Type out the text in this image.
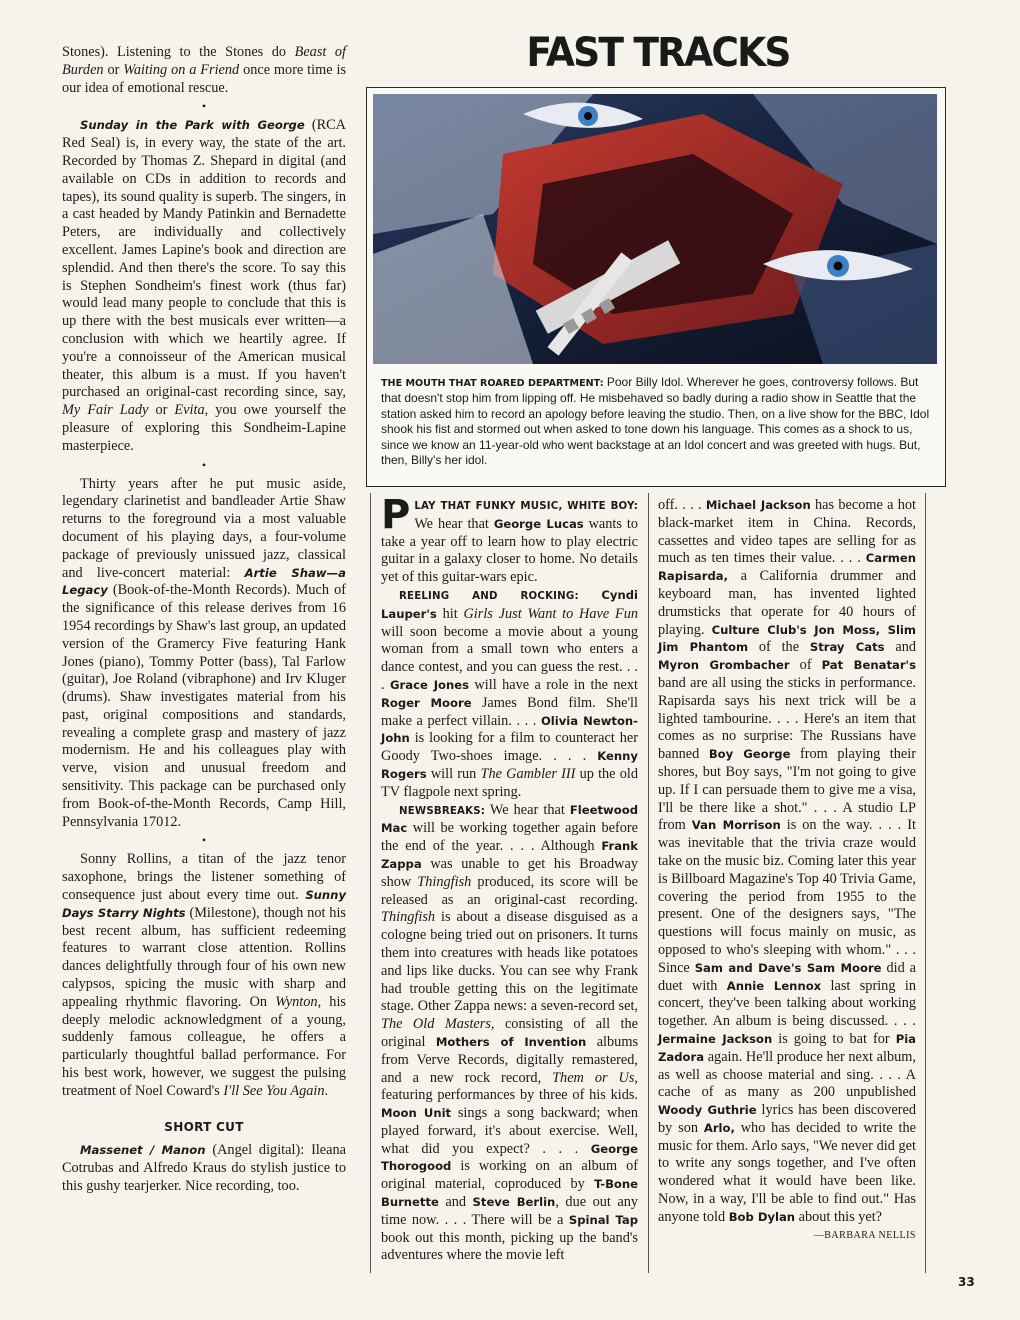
Stones). Listening to the Stones do Beast of Burden or Waiting on a Friend once more time is our idea of emotional rescue.

•

Sunday in the Park with George (RCA Red Seal) is, in every way, the state of the art. Recorded by Thomas Z. Shepard in digital (and available on CDs in addition to records and tapes), its sound quality is superb. The singers, in a cast headed by Mandy Patinkin and Bernadette Peters, are individually and collectively excellent. James Lapine's book and direction are splendid. And then there's the score. To say this is Stephen Sondheim's finest work (thus far) would lead many people to conclude that this is up there with the best musicals ever written—a conclusion with which we heartily agree. If you're a connoisseur of the American musical theater, this album is a must. If you haven't purchased an original-cast recording since, say, My Fair Lady or Evita, you owe yourself the pleasure of exploring this Sondheim-Lapine masterpiece.

•

Thirty years after he put music aside, legendary clarinetist and bandleader Artie Shaw returns to the foreground via a most valuable document of his playing days, a four-volume package of previously unissued jazz, classical and live-concert material: Artie Shaw—a Legacy (Book-of-the-Month Records). Much of the significance of this release derives from 16 1954 recordings by Shaw's last group, an updated version of the Gramercy Five featuring Hank Jones (piano), Tommy Potter (bass), Tal Farlow (guitar), Joe Roland (vibraphone) and Irv Kluger (drums). Shaw investigates material from his past, original compositions and standards, revealing a complete grasp and mastery of jazz modernism. He and his colleagues play with verve, vision and unusual freedom and sensitivity. This package can be purchased only from Book-of-the-Month Records, Camp Hill, Pennsylvania 17012.

•

Sonny Rollins, a titan of the jazz tenor saxophone, brings the listener something of consequence just about every time out. Sunny Days Starry Nights (Milestone), though not his best recent album, has sufficient redeeming features to warrant close attention. Rollins dances delightfully through four of his own new calypsos, spicing the music with sharp and appealing rhythmic flavoring. On Wynton, his deeply melodic acknowledgment of a young, suddenly famous colleague, he offers a particularly thoughtful ballad performance. For his best work, however, we suggest the pulsing treatment of Noel Coward's I'll See You Again.

SHORT CUT

Massenet / Manon (Angel digital): Ileana Cotrubas and Alfredo Kraus do stylish justice to this gushy tearjerker. Nice recording, too.

FAST TRACKS
THE MOUTH THAT ROARED DEPARTMENT: Poor Billy Idol. Wherever he goes, controversy follows. But that doesn't stop him from lipping off. He misbehaved so badly during a radio show in Seattle that the station asked him to record an apology before leaving the studio. Then, on a live show for the BBC, Idol shook his fist and stormed out when asked to tone down his language. This comes as a shock to us, since we know an 11-year-old who went backstage at an Idol concert and was greeted with hugs. But, then, Billy's her idol.

PLAY THAT FUNKY MUSIC, WHITE BOY: We hear that George Lucas wants to take a year off to learn how to play electric guitar in a galaxy closer to home. No details yet of this guitar-wars epic.

REELING AND ROCKING: Cyndi Lauper's hit Girls Just Want to Have Fun will soon become a movie about a young woman from a small town who enters a dance contest, and you can guess the rest. . . . Grace Jones will have a role in the next Roger Moore James Bond film. She'll make a perfect villain. . . . Olivia Newton-John is looking for a film to counteract her Goody Two-shoes image. . . . Kenny Rogers will run The Gambler III up the old TV flagpole next spring.

NEWSBREAKS: We hear that Fleetwood Mac will be working together again before the end of the year. . . . Although Frank Zappa was unable to get his Broadway show Thingfish produced, its score will be released as an original-cast recording. Thingfish is about a disease disguised as a cologne being tried out on prisoners. It turns them into creatures with heads like potatoes and lips like ducks. You can see why Frank had trouble getting this on the legitimate stage. Other Zappa news: a seven-record set, The Old Masters, consisting of all the original Mothers of Invention albums from Verve Records, digitally remastered, and a new rock record, Them or Us, featuring performances by three of his kids. Moon Unit sings a song backward; when played forward, it's about exercise. Well, what did you expect? . . . George Thorogood is working on an album of original material, coproduced by T-Bone Burnette and Steve Berlin, due out any time now. . . . There will be a Spinal Tap book out this month, picking up the band's adventures where the movie left

off. . . . Michael Jackson has become a hot black-market item in China. Records, cassettes and video tapes are selling for as much as ten times their value. . . . Carmen Rapisarda, a California drummer and keyboard man, has invented lighted drumsticks that operate for 40 hours of playing. Culture Club's Jon Moss, Slim Jim Phantom of the Stray Cats and Myron Grombacher of Pat Benatar's band are all using the sticks in performance. Rapisarda says his next trick will be a lighted tambourine. . . . Here's an item that comes as no surprise: The Russians have banned Boy George from playing their shores, but Boy says, "I'm not going to give up. If I can persuade them to give me a visa, I'll be there like a shot." . . . A studio LP from Van Morrison is on the way. . . . It was inevitable that the trivia craze would take on the music biz. Coming later this year is Billboard Magazine's Top 40 Trivia Game, covering the period from 1955 to the present. One of the designers says, "The questions will focus mainly on music, as opposed to who's sleeping with whom." . . . Since Sam and Dave's Sam Moore did a duet with Annie Lennox last spring in concert, they've been talking about working together. An album is being discussed. . . . Jermaine Jackson is going to bat for Pia Zadora again. He'll produce her next album, as well as choose material and sing. . . . A cache of as many as 200 unpublished Woody Guthrie lyrics has been discovered by son Arlo, who has decided to write the music for them. Arlo says, "We never did get to write any songs together, and I've often wondered what it would have been like. Now, in a way, I'll be able to find out." Has anyone told Bob Dylan about this yet?
—BARBARA NELLIS

33
